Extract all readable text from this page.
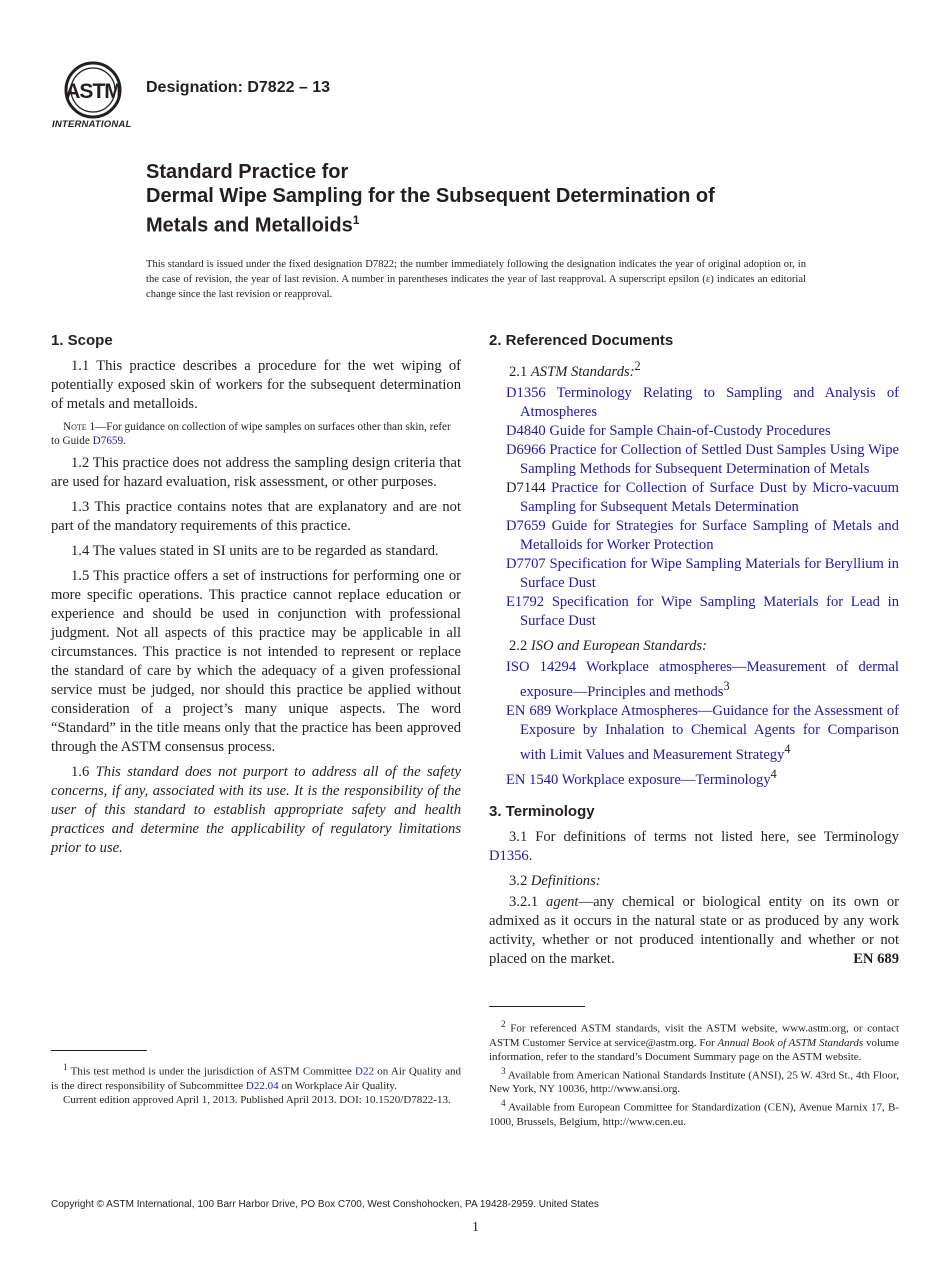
ASTM
INTERNATIONAL
Designation: D7822 – 13
Standard Practice for
Dermal Wipe Sampling for the Subsequent Determination of
Metals and Metalloids$^1$
This standard is issued under the fixed designation D7822; the number immediately following the designation indicates the year of original adoption or, in the case of revision, the year of last revision. A number in parentheses indicates the year of last reapproval. A superscript epsilon (ε) indicates an editorial change since the last revision or reapproval.
1. Scope

1.1 This practice describes a procedure for the wet wiping of potentially exposed skin of workers for the subsequent determination of metals and metalloids.

Note 1—For guidance on collection of wipe samples on surfaces other than skin, refer to Guide D7659.

1.2 This practice does not address the sampling design criteria that are used for hazard evaluation, risk assessment, or other purposes.

1.3 This practice contains notes that are explanatory and are not part of the mandatory requirements of this practice.

1.4 The values stated in SI units are to be regarded as standard.

1.5 This practice offers a set of instructions for performing one or more specific operations. This practice cannot replace education or experience and should be used in conjunction with professional judgment. Not all aspects of this practice may be applicable in all circumstances. This practice is not intended to represent or replace the standard of care by which the adequacy of a given professional service must be judged, nor should this practice be applied without consideration of a project’s many unique aspects. The word “Standard” in the title means only that the practice has been approved through the ASTM consensus process.

1.6 This standard does not purport to address all of the safety concerns, if any, associated with its use. It is the responsibility of the user of this standard to establish appropriate safety and health practices and determine the applicability of regulatory limitations prior to use.

$^1$ This test method is under the jurisdiction of ASTM Committee D22 on Air Quality and is the direct responsibility of Subcommittee D22.04 on Workplace Air Quality.

Current edition approved April 1, 2013. Published April 2013. DOI: 10.1520/D7822-13.

2. Referenced Documents

2.1 ASTM Standards:$^2$

D1356 Terminology Relating to Sampling and Analysis of Atmospheres

D4840 Guide for Sample Chain-of-Custody Procedures

D6966 Practice for Collection of Settled Dust Samples Using Wipe Sampling Methods for Subsequent Determination of Metals

D7144 Practice for Collection of Surface Dust by Micro-vacuum Sampling for Subsequent Metals Determination

D7659 Guide for Strategies for Surface Sampling of Metals and Metalloids for Worker Protection

D7707 Specification for Wipe Sampling Materials for Beryllium in Surface Dust

E1792 Specification for Wipe Sampling Materials for Lead in Surface Dust

2.2 ISO and European Standards:

ISO 14294 Workplace atmospheres—Measurement of dermal exposure—Principles and methods$^3$

EN 689 Workplace Atmospheres—Guidance for the Assessment of Exposure by Inhalation to Chemical Agents for Comparison with Limit Values and Measurement Strategy$^4$

EN 1540 Workplace exposure—Terminology$^4$

3. Terminology

3.1 For definitions of terms not listed here, see Terminology D1356.

3.2 Definitions:

3.2.1 agent—any chemical or biological entity on its own or admixed as it occurs in the natural state or as produced by any work activity, whether or not produced intentionally and whether or not placed on the market.	EN 689

$^2$ For referenced ASTM standards, visit the ASTM website, www.astm.org, or contact ASTM Customer Service at service@astm.org. For Annual Book of ASTM Standards volume information, refer to the standard’s Document Summary page on the ASTM website.

$^3$ Available from American National Standards Institute (ANSI), 25 W. 43rd St., 4th Floor, New York, NY 10036, http://www.ansi.org.

$^4$ Available from European Committee for Standardization (CEN), Avenue Marnix 17, B-1000, Brussels, Belgium, http://www.cen.eu.

Copyright © ASTM International, 100 Barr Harbor Drive, PO Box C700, West Conshohocken, PA 19428-2959. United States
1
